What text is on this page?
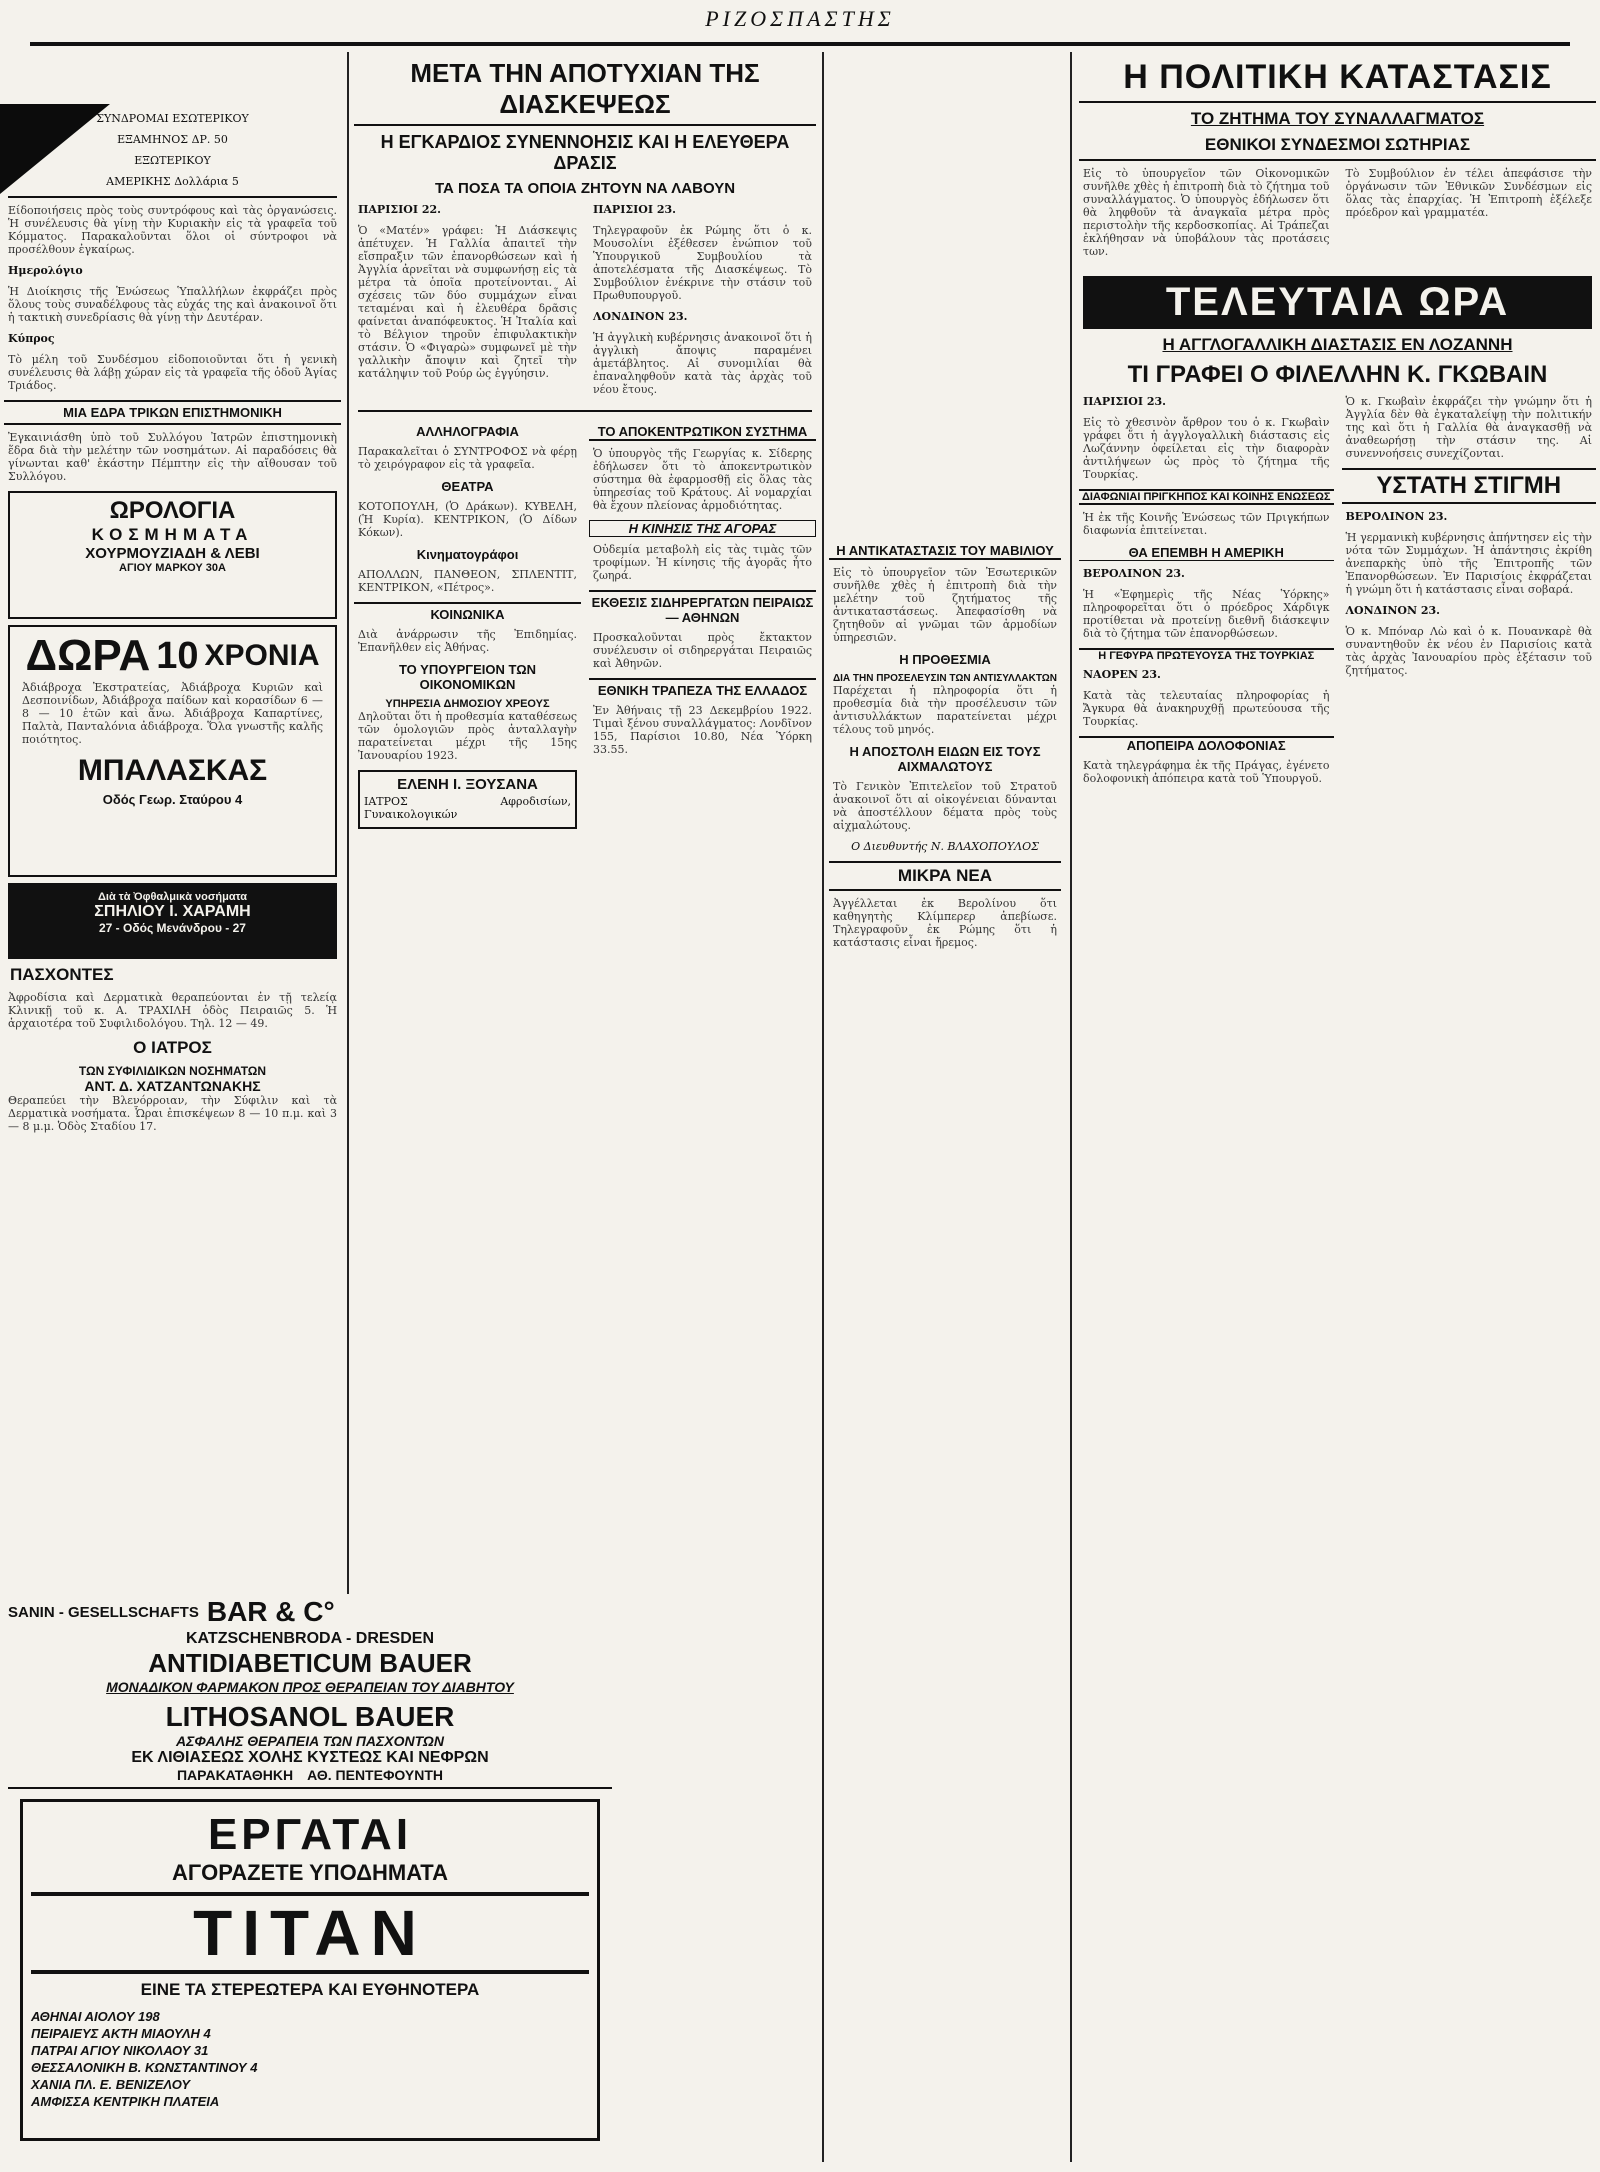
ΡΙΖΟΣΠΑΣΤΗΣ
ΣΥΝΔΡΟΜΑΙ ΕΣΩΤΕΡΙΚΟΥ
ΕΞΑΜΗΝΟΣ ΔΡ. 50
ΕΞΩΤΕΡΙΚΟΥ
ΑΜΕΡΙΚΗΣ Δολλάρια 5
Είδοποιήσεις πρὸς τοὺς συντρόφους καὶ τὰς ὀργανώσεις. Ἡ συνέλευσις θὰ γίνῃ τὴν Κυριακὴν εἰς τὰ γραφεῖα τοῦ Κόμματος. Παρακαλοῦνται ὅλοι οἱ σύντροφοι νὰ προσέλθουν ἐγκαίρως.
Ημερολόγιο
Ἡ Διοίκησις τῆς Ἑνώσεως Ὑπαλλήλων ἐκφράζει πρὸς ὅλους τοὺς συναδέλφους τὰς εὐχάς της καὶ ἀνακοινοῖ ὅτι ἡ τακτικὴ συνεδρίασις θὰ γίνῃ τὴν Δευτέραν.
Κύπρος
Τὸ μέλη τοῦ Συνδέσμου εἰδοποιοῦνται ὅτι ἡ γενικὴ συνέλευσις θὰ λάβῃ χώραν εἰς τὰ γραφεῖα τῆς ὁδοῦ Ἁγίας Τριάδος.
ΜΙΑ ΕΔΡΑ ΤΡΙΚΩΝ ΕΠΙΣΤΗΜΟΝΙΚΗ
Ἐγκαινιάσθη ὑπὸ τοῦ Συλλόγου Ἰατρῶν ἐπιστημονικὴ ἕδρα διὰ τὴν μελέτην τῶν νοσημάτων. Αἱ παραδόσεις θὰ γίνωνται καθ' ἑκάστην Πέμπτην εἰς τὴν αἴθουσαν τοῦ Συλλόγου.
ΩΡΟΛΟΓΙΑ
ΚΟΣΜΗΜΑΤΑ
ΧΟΥΡΜΟΥΖΙΑΔΗ & ΛΕΒΙ
ΑΓΙΟΥ ΜΑΡΚΟΥ 30Α
ΔΩΡΑ 10 ΧΡΟΝΙΑ
Ἀδιάβροχα Ἐκστρατείας, Ἀδιάβροχα Κυριῶν καὶ Δεσποινίδων, Ἀδιάβροχα παίδων καὶ κορασίδων 6 — 8 — 10 ἐτῶν καὶ ἄνω. Ἀδιάβροχα Καπαρτίνες, Παλτὰ, Πανταλόνια ἀδιάβροχα. Ὅλα γνωστῆς καλῆς ποιότητος.
ΜΠΑΛΑΣΚΑΣ
Οδός Γεωρ. Σταύρου 4
Διὰ τὰ Ὀφθαλμικὰ νοσήματα
ΣΠΗΛΙΟΥ Ι. ΧΑΡΑΜΗ
27 - Οδός Μενάνδρου - 27
ΠΑΣΧΟΝΤΕΣ
Ἀφροδίσια καὶ Δερματικὰ θεραπεύονται ἐν τῇ τελείᾳ Κλινικῇ τοῦ κ. Α. ΤΡΑΧΙΛΗ ὁδὸς Πειραιῶς 5. Ἡ ἀρχαιοτέρα τοῦ Συφιλιδολόγου. Τηλ. 12 — 49.
Ο ΙΑΤΡΟΣ
ΤΩΝ ΣΥΦΙΛΙΔΙΚΩΝ ΝΟΣΗΜΑΤΩΝ
ΑΝΤ. Δ. ΧΑΤΖΑΝΤΩΝΑΚΗΣ
Θεραπεύει τὴν Βλενόρροιαν, τὴν Σύφιλιν καὶ τὰ Δερματικὰ νοσήματα. Ὧραι ἐπισκέψεων 8 — 10 π.μ. καὶ 3 — 8 μ.μ. Ὁδὸς Σταδίου 17.
ΜΕΤΑ ΤΗΝ ΑΠΟΤΥΧΙΑΝ ΤΗΣ ΔΙΑΣΚΕΨΕΩΣ
Η ΕΓΚΑΡΔΙΟΣ ΣΥΝΕΝΝΟΗΣΙΣ ΚΑΙ Η ΕΛΕΥΘΕΡΑ ΔΡΑΣΙΣ
ΤΑ ΠΟΣΑ ΤΑ ΟΠΟΙΑ ΖΗΤΟΥΝ ΝΑ ΛΑΒΟΥΝ
ΠΑΡΙΣΙΟΙ 22.
Ὁ «Ματέν» γράφει: Ἡ Διάσκεψις ἀπέτυχεν. Ἡ Γαλλία ἀπαιτεῖ τὴν εἴσπραξιν τῶν ἐπανορθώσεων καὶ ἡ Ἀγγλία ἀρνεῖται νὰ συμφωνήσῃ εἰς τὰ μέτρα τὰ ὁποῖα προτείνονται. Αἱ σχέσεις τῶν δύο συμμάχων εἶναι τεταμέναι καὶ ἡ ἐλευθέρα δρᾶσις φαίνεται ἀναπόφευκτος. Ἡ Ἰταλία καὶ τὸ Βέλγιον τηροῦν ἐπιφυλακτικὴν στάσιν. Ὁ «Φιγαρὼ» συμφωνεῖ μὲ τὴν γαλλικὴν ἄποψιν καὶ ζητεῖ τὴν κατάληψιν τοῦ Ρούρ ὡς ἐγγύησιν.
ΠΑΡΙΣΙΟΙ 23.
Τηλεγραφοῦν ἐκ Ρώμης ὅτι ὁ κ. Μουσολίνι ἐξέθεσεν ἐνώπιον τοῦ Ὑπουργικοῦ Συμβουλίου τὰ ἀποτελέσματα τῆς Διασκέψεως. Τὸ Συμβούλιον ἐνέκρινε τὴν στάσιν τοῦ Πρωθυπουργοῦ.
ΛΟΝΔΙΝΟΝ 23.
Ἡ ἀγγλικὴ κυβέρνησις ἀνακοινοῖ ὅτι ἡ ἀγγλικὴ ἄποψις παραμένει ἀμετάβλητος. Αἱ συνομιλίαι θὰ ἐπαναληφθοῦν κατὰ τὰς ἀρχὰς τοῦ νέου ἔτους.
ΑΛΛΗΛΟΓΡΑΦΙΑ
Παρακαλεῖται ὁ ΣΥΝΤΡΟΦΟΣ νὰ φέρῃ τὸ χειρόγραφον εἰς τὰ γραφεῖα.
ΘΕΑΤΡΑ
ΚΟΤΟΠΟΥΛΗ, (Ὁ Δράκων). ΚΥΒΕΛΗ, (Ἡ Κυρία). ΚΕΝΤΡΙΚΟΝ, (Ὁ Δίδων Κόκων).
Κινηματογράφοι
ΑΠΟΛΛΩΝ, ΠΑΝΘΕΟΝ, ΣΠΛΕΝΤΙΤ, ΚΕΝΤΡΙΚΟΝ, «Πέτρος».
ΚΟΙΝΩΝΙΚΑ
Διὰ ἀνάρρωσιν τῆς Ἐπιδημίας. Ἐπανῆλθεν εἰς Ἀθήνας.
ΤΟ ΥΠΟΥΡΓΕΙΟΝ ΤΩΝ ΟΙΚΟΝΟΜΙΚΩΝ
ΥΠΗΡΕΣΙΑ ΔΗΜΟΣΙΟΥ ΧΡΕΟΥΣ
Δηλοῦται ὅτι ἡ προθεσμία καταθέσεως τῶν ὁμολογιῶν πρὸς ἀνταλλαγὴν παρατείνεται μέχρι τῆς 15ης Ἰανουαρίου 1923.
ΕΛΕΝΗ Ι. ΞΟΥΣΑΝΑ
ΙΑΤΡΟΣ Αφροδισίων, Γυναικολογικών
ΤΟ ΑΠΟΚΕΝΤΡΩΤΙΚΟΝ ΣΥΣΤΗΜΑ
Ὁ ὑπουργὸς τῆς Γεωργίας κ. Σίδερης ἐδήλωσεν ὅτι τὸ ἀποκεντρωτικὸν σύστημα θὰ ἐφαρμοσθῇ εἰς ὅλας τὰς ὑπηρεσίας τοῦ Κράτους. Αἱ νομαρχίαι θὰ ἔχουν πλείονας ἁρμοδιότητας.
Η ΚΙΝΗΣΙΣ ΤΗΣ ΑΓΟΡΑΣ
Οὐδεμία μεταβολὴ εἰς τὰς τιμὰς τῶν τροφίμων. Ἡ κίνησις τῆς ἀγορᾶς ἦτο ζωηρά.
ΕΚΘΕΣΙΣ ΣΙΔΗΡΕΡΓΑΤΩΝ ΠΕΙΡΑΙΩΣ — ΑΘΗΝΩΝ
Προσκαλοῦνται πρὸς ἔκτακτον συνέλευσιν οἱ σιδηρεργάται Πειραιῶς καὶ Ἀθηνῶν.
ΕΘΝΙΚΗ ΤΡΑΠΕΖΑ ΤΗΣ ΕΛΛΑΔΟΣ
Ἐν Ἀθήναις τῇ 23 Δεκεμβρίου 1922. Τιμαὶ ξένου συναλλάγματος: Λονδῖνον 155, Παρίσιοι 10.80, Νέα Ὑόρκη 33.55.
Η ΑΝΤΙΚΑΤΑΣΤΑΣΙΣ ΤΟΥ ΜΑΒΙΛΙΟΥ
Εἰς τὸ ὑπουργεῖον τῶν Ἐσωτερικῶν συνῆλθε χθὲς ἡ ἐπιτροπὴ διὰ τὴν μελέτην τοῦ ζητήματος τῆς ἀντικαταστάσεως. Ἀπεφασίσθη νὰ ζητηθοῦν αἱ γνῶμαι τῶν ἁρμοδίων ὑπηρεσιῶν.
Η ΠΡΟΘΕΣΜΙΑ
ΔΙΑ ΤΗΝ ΠΡΟΣΕΛΕΥΣΙΝ ΤΩΝ ΑΝΤΙΣΥΛΛΑΚΤΩΝ
Παρέχεται ἡ πληροφορία ὅτι ἡ προθεσμία διὰ τὴν προσέλευσιν τῶν ἀντισυλλάκτων παρατείνεται μέχρι τέλους τοῦ μηνός.
Η ΑΠΟΣΤΟΛΗ ΕΙΔΩΝ ΕΙΣ ΤΟΥΣ ΑΙΧΜΑΛΩΤΟΥΣ
Τὸ Γενικὸν Ἐπιτελεῖον τοῦ Στρατοῦ ἀνακοινοῖ ὅτι αἱ οἰκογένειαι δύνανται νὰ ἀποστέλλουν δέματα πρὸς τοὺς αἰχμαλώτους.
Ο Διευθυντής Ν. ΒΛΑΧΟΠΟΥΛΟΣ
ΜΙΚΡΑ ΝΕΑ
Ἀγγέλλεται ἐκ Βερολίνου ὅτι καθηγητὴς Κλίμπερερ ἀπεβίωσε. Τηλεγραφοῦν ἐκ Ρώμης ὅτι ἡ κατάστασις εἶναι ἤρεμος.
Η ΠΟΛΙΤΙΚΗ ΚΑΤΑΣΤΑΣΙΣ
ΤΟ ΖΗΤΗΜΑ ΤΟΥ ΣΥΝΑΛΛΑΓΜΑΤΟΣ
ΕΘΝΙΚΟΙ ΣΥΝΔΕΣΜΟΙ ΣΩΤΗΡΙΑΣ
Εἰς τὸ ὑπουργεῖον τῶν Οἰκονομικῶν συνῆλθε χθὲς ἡ ἐπιτροπὴ διὰ τὸ ζήτημα τοῦ συναλλάγματος. Ὁ ὑπουργὸς ἐδήλωσεν ὅτι θὰ ληφθοῦν τὰ ἀναγκαῖα μέτρα πρὸς περιστολὴν τῆς κερδοσκοπίας. Αἱ Τράπεζαι ἐκλήθησαν νὰ ὑποβάλουν τὰς προτάσεις των.
Τὸ Συμβούλιον ἐν τέλει ἀπεφάσισε τὴν ὀργάνωσιν τῶν Ἐθνικῶν Συνδέσμων εἰς ὅλας τὰς ἐπαρχίας. Ἡ Ἐπιτροπὴ ἐξέλεξε πρόεδρον καὶ γραμματέα.
ΤΕΛΕΥΤΑΙΑ ΩΡΑ
Η ΑΓΓΛΟΓΑΛΛΙΚΗ ΔΙΑΣΤΑΣΙΣ ΕΝ ΛΟΖΑΝΝΗ
ΤΙ ΓΡΑΦΕΙ Ο ΦΙΛΕΛΛΗΝ Κ. ΓΚΩΒΑΙΝ
ΠΑΡΙΣΙΟΙ 23.
Εἰς τὸ χθεσινὸν ἄρθρον του ὁ κ. Γκωβαὶν γράφει ὅτι ἡ ἀγγλογαλλικὴ διάστασις εἰς Λωζάννην ὀφείλεται εἰς τὴν διαφορὰν ἀντιλήψεων ὡς πρὸς τὸ ζήτημα τῆς Τουρκίας.
ΔΙΑΦΩΝΙΑΙ ΠΡΙΓΚΗΠΟΣ ΚΑΙ ΚΟΙΝΗΣ ΕΝΩΣΕΩΣ
Ἡ ἐκ τῆς Κοινῆς Ἑνώσεως τῶν Πριγκήπων διαφωνία ἐπιτείνεται.
ΘΑ ΕΠΕΜΒΗ Η ΑΜΕΡΙΚΗ
ΒΕΡΟΛΙΝΟΝ 23.
Ἡ «Ἐφημερὶς τῆς Νέας Ὑόρκης» πληροφορεῖται ὅτι ὁ πρόεδρος Χάρδιγκ προτίθεται νὰ προτείνῃ διεθνῆ διάσκεψιν διὰ τὸ ζήτημα τῶν ἐπανορθώσεων.
Η ΓΕΦΥΡΑ ΠΡΩΤΕΥΟΥΣΑ ΤΗΣ ΤΟΥΡΚΙΑΣ
ΝΑΟΡΕΝ 23.
Κατὰ τὰς τελευταίας πληροφορίας ἡ Ἄγκυρα θὰ ἀνακηρυχθῇ πρωτεύουσα τῆς Τουρκίας.
ΑΠΟΠΕΙΡΑ ΔΟΛΟΦΟΝΙΑΣ
Κατὰ τηλεγράφημα ἐκ τῆς Πράγας, ἐγένετο δολοφονικὴ ἀπόπειρα κατὰ τοῦ Ὑπουργοῦ.
Ὁ κ. Γκωβαὶν ἐκφράζει τὴν γνώμην ὅτι ἡ Ἀγγλία δὲν θὰ ἐγκαταλείψῃ τὴν πολιτικήν της καὶ ὅτι ἡ Γαλλία θὰ ἀναγκασθῇ νὰ ἀναθεωρήσῃ τὴν στάσιν της. Αἱ συνεννοήσεις συνεχίζονται.
ΥΣΤΑΤΗ ΣΤΙΓΜΗ
ΒΕΡΟΛΙΝΟΝ 23.
Ἡ γερμανικὴ κυβέρνησις ἀπήντησεν εἰς τὴν νότα τῶν Συμμάχων. Ἡ ἀπάντησις ἐκρίθη ἀνεπαρκὴς ὑπὸ τῆς Ἐπιτροπῆς τῶν Ἐπανορθώσεων. Ἐν Παρισίοις ἐκφράζεται ἡ γνώμη ὅτι ἡ κατάστασις εἶναι σοβαρά.
ΛΟΝΔΙΝΟΝ 23.
Ὁ κ. Μπόναρ Λὼ καὶ ὁ κ. Πουανκαρὲ θὰ συναντηθοῦν ἐκ νέου ἐν Παρισίοις κατὰ τὰς ἀρχὰς Ἰανουαρίου πρὸς ἐξέτασιν τοῦ ζητήματος.
SANIN - GESELLSCHAFTS BAR & C°
KATZSCHENBRODA - DRESDEN
ANTIDIABETICUM BAUER
ΜΟΝΑΔΙΚΟΝ ΦΑΡΜΑΚΟΝ ΠΡΟΣ ΘΕΡΑΠΕΙΑΝ ΤΟΥ ΔΙΑΒΗΤΟΥ
LITHOSANOL BAUER
ΑΣΦΑΛΗΣ ΘΕΡΑΠΕΙΑ ΤΩΝ ΠΑΣΧΟΝΤΩΝ
ΕΚ ΛΙΘΙΑΣΕΩΣ ΧΟΛΗΣ ΚΥΣΤΕΩΣ ΚΑΙ ΝΕΦΡΩΝ
ΠΑΡΑΚΑΤΑΘΗΚΗ ΑΘ. ΠΕΝΤΕΦΟΥΝΤΗ
ΕΡΓΑΤΑΙ
ΑΓΟΡΑΖΕΤΕ ΥΠΟΔΗΜΑΤΑ
TITAN
ΕΙΝΕ ΤΑ ΣΤΕΡΕΩΤΕΡΑ ΚΑΙ ΕΥΘΗΝΟΤΕΡΑ
ΑΘΗΝΑΙ ΑΙΟΛΟΥ 198
ΠΕΙΡΑΙΕΥΣ ΑΚΤΗ ΜΙΑΟΥΛΗ 4
ΠΑΤΡΑΙ ΑΓΙΟΥ ΝΙΚΟΛΑΟΥ 31
ΘΕΣΣΑΛΟΝΙΚΗ Β. ΚΩΝΣΤΑΝΤΙΝΟΥ 4
ΧΑΝΙΑ ΠΛ. Ε. ΒΕΝΙΖΕΛΟΥ
ΑΜΦΙΣΣΑ ΚΕΝΤΡΙΚΗ ΠΛΑΤΕΙΑ
